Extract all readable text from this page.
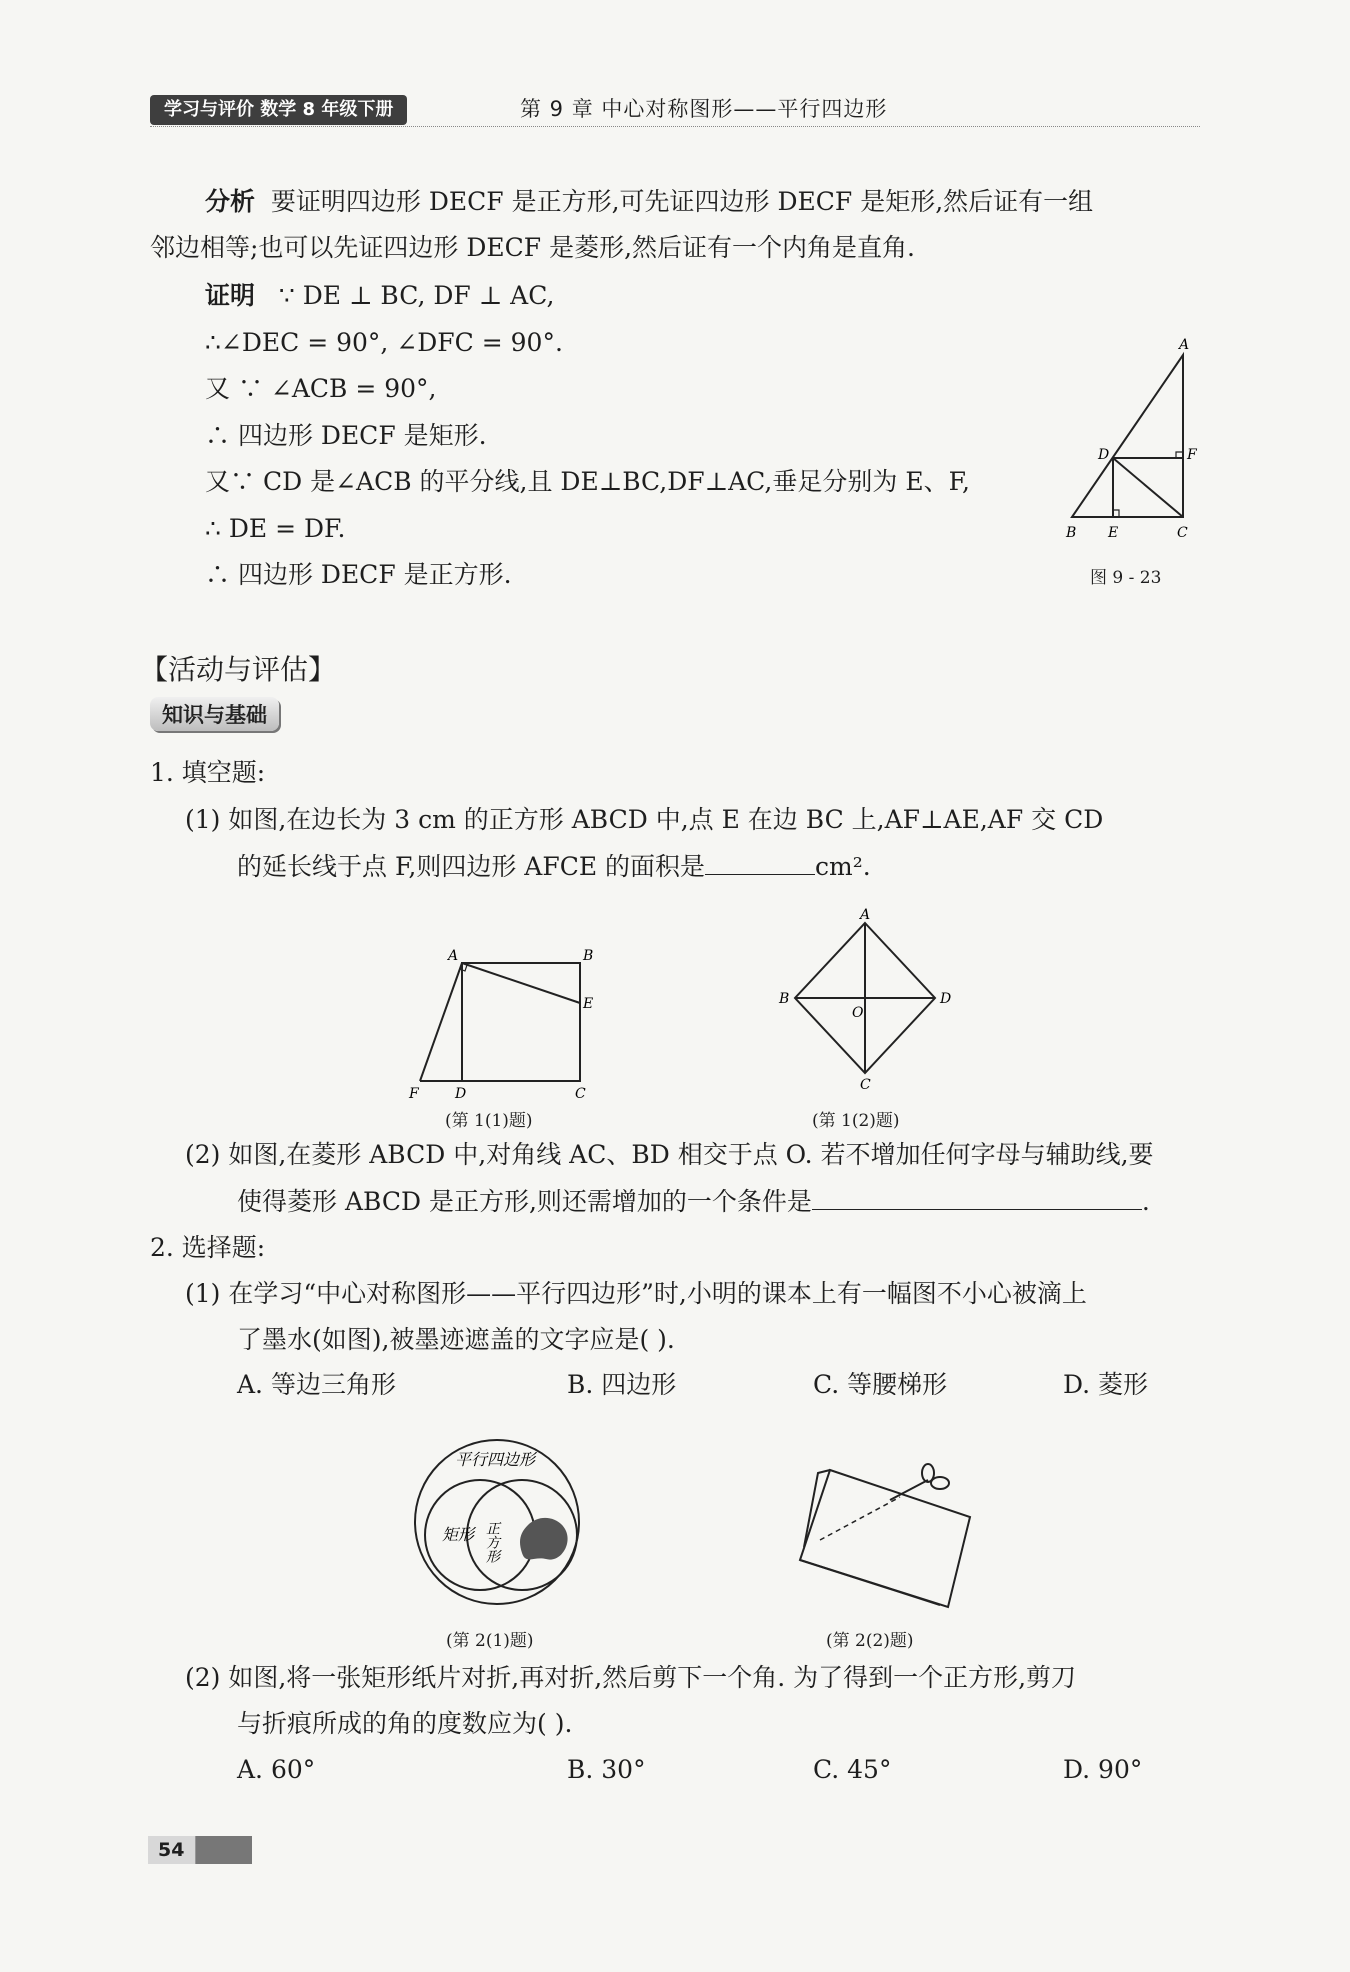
学习与评价 数学 8 年级下册	第 9 章 中心对称图形——平行四边形
分析 要证明四边形 DECF 是正方形,可先证四边形 DECF 是矩形,然后证有一组
邻边相等;也可以先证四边形 DECF 是菱形,然后证有一个内角是直角.
证明 ∵ DE ⊥ BC, DF ⊥ AC,
∴∠DEC = 90°, ∠DFC = 90°.
又 ∵ ∠ACB = 90°,
∴ 四边形 DECF 是矩形.
又∵ CD 是∠ACB 的平分线,且 DE⊥BC,DF⊥AC,垂足分别为 E、F,
∴ DE = DF.
∴ 四边形 DECF 是正方形.
A
B	C
D
E
F
图 9 - 23
【活动与评估】
知识与基础
1. 填空题:
(1) 如图,在边长为 3 cm 的正方形 ABCD 中,点 E 在边 BC 上,AF⊥AE,AF 交 CD
的延长线于点 F,则四边形 AFCE 的面积是	cm².
A	B
C
D
E
F
(第 1(1)题)
A
B
C
D
O
(第 1(2)题)
(2) 如图,在菱形 ABCD 中,对角线 AC、BD 相交于点 O. 若不增加任何字母与辅助线,要
使得菱形 ABCD 是正方形,则还需增加的一个条件是	.
2. 选择题:
(1) 在学习“中心对称图形——平行四边形”时,小明的课本上有一幅图不小心被滴上
了墨水(如图),被墨迹遮盖的文字应是( ).
A. 等边三角形	B. 四边形	C. 等腰梯形	D. 菱形
平行四边形
矩形 正方形
(第 2(1)题)	(第 2(2)题)
(2) 如图,将一张矩形纸片对折,再对折,然后剪下一个角. 为了得到一个正方形,剪刀
与折痕所成的角的度数应为( ).
A. 60°	B. 30°	C. 45°	D. 90°
54
